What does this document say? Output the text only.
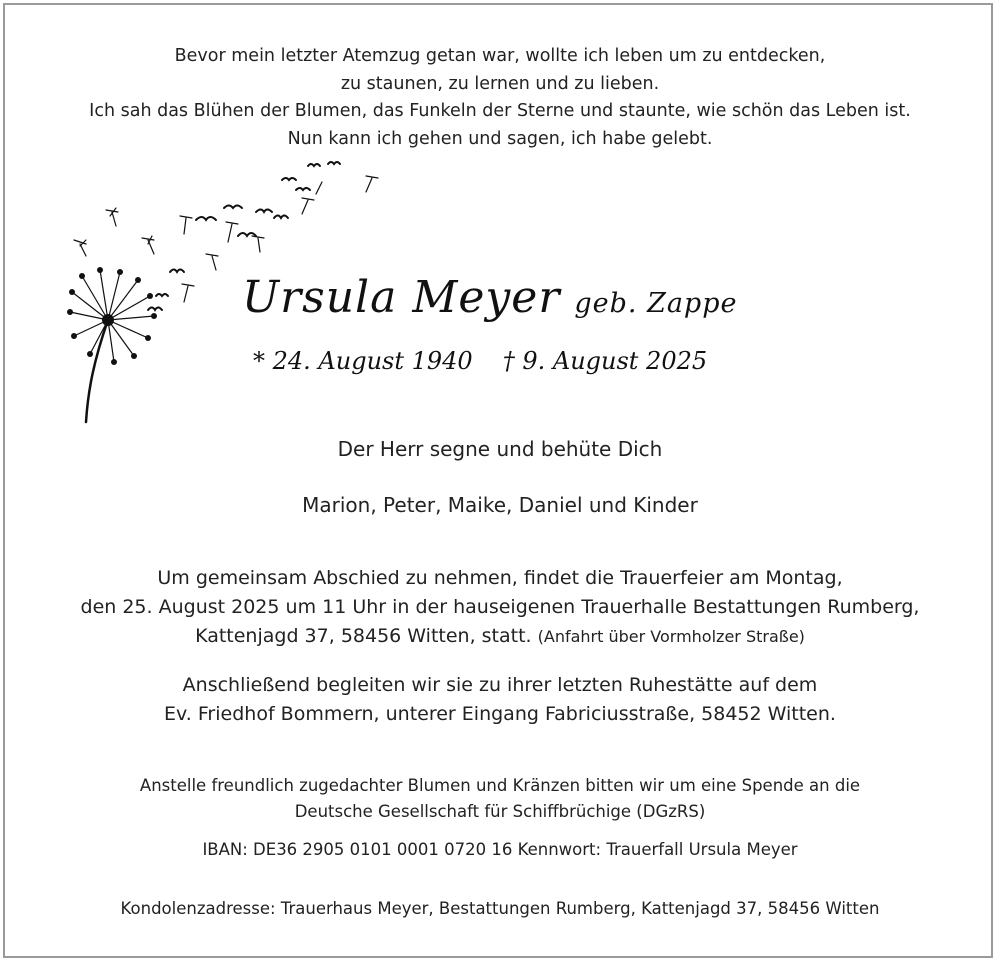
Bevor mein letzter Atemzug getan war, wollte ich leben um zu entdecken,
zu staunen, zu lernen und zu lieben.
Ich sah das Blühen der Blumen, das Funkeln der Sterne und staunte, wie schön das Leben ist.
Nun kann ich gehen und sagen, ich habe gelebt.
Ursula Meyer geb. Zappe
* 24. August 1940 † 9. August 2025
Der Herr segne und behüte Dich
Marion, Peter, Maike, Daniel und Kinder
Um gemeinsam Abschied zu nehmen, findet die Trauerfeier am Montag,
den 25. August 2025 um 11 Uhr in der hauseigenen Trauerhalle Bestattungen Rumberg,
Kattenjagd 37, 58456 Witten, statt. (Anfahrt über Vormholzer Straße)
Anschließend begleiten wir sie zu ihrer letzten Ruhestätte auf dem
Ev. Friedhof Bommern, unterer Eingang Fabriciusstraße, 58452 Witten.
Anstelle freundlich zugedachter Blumen und Kränzen bitten wir um eine Spende an die
Deutsche Gesellschaft für Schiffbrüchige (DGzRS)
IBAN: DE36 2905 0101 0001 0720 16 Kennwort: Trauerfall Ursula Meyer
Kondolenzadresse: Trauerhaus Meyer, Bestattungen Rumberg, Kattenjagd 37, 58456 Witten
